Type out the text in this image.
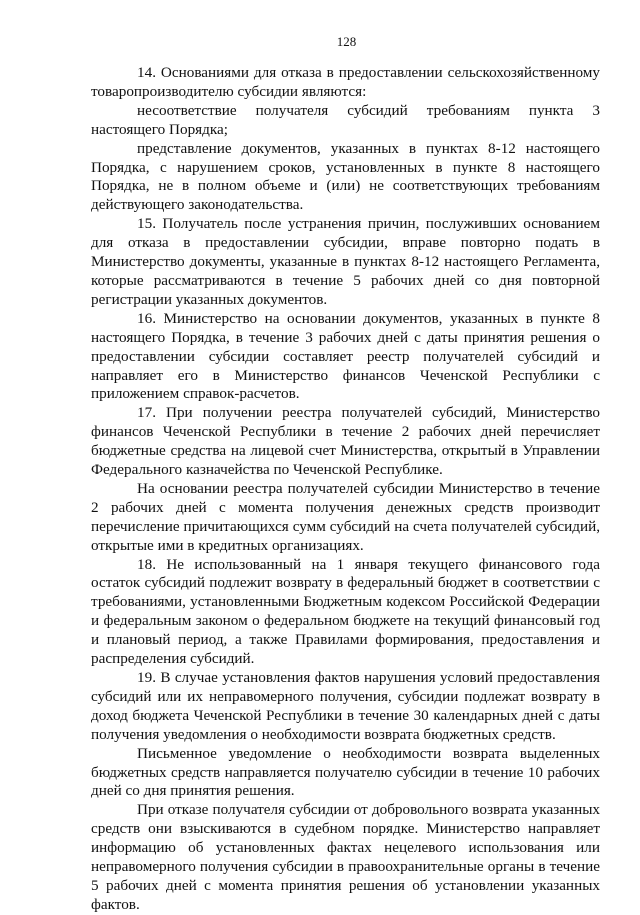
128

14. Основаниями для отказа в предоставлении сельскохозяйственному товаропроизводителю субсидии являются:

несоответствие получателя субсидий требованиям пункта 3 настоящего Порядка;

представление документов, указанных в пунктах 8-12 настоящего Порядка, с нарушением сроков, установленных в пункте 8 настоящего Порядка, не в полном объеме и (или) не соответствующих требованиям действующего законодательства.

15. Получатель после устранения причин, послуживших основанием для отказа в предоставлении субсидии, вправе повторно подать в Министерство документы, указанные в пунктах 8-12 настоящего Регламента, которые рассматриваются в течение 5 рабочих дней со дня повторной регистрации указанных документов.

16. Министерство на основании документов, указанных в пункте 8 настоящего Порядка, в течение 3 рабочих дней с даты принятия решения о предоставлении субсидии составляет реестр получателей субсидий и направляет его в Министерство финансов Чеченской Республики с приложением справок-расчетов.

17. При получении реестра получателей субсидий, Министерство финансов Чеченской Республики в течение 2 рабочих дней перечисляет бюджетные средства на лицевой счет Министерства, открытый в Управлении Федерального казначейства по Чеченской Республике.

На основании реестра получателей субсидии Министерство в течение 2 рабочих дней с момента получения денежных средств производит перечисление причитающихся сумм субсидий на счета получателей субсидий, открытые ими в кредитных организациях.

18. Не использованный на 1 января текущего финансового года остаток субсидий подлежит возврату в федеральный бюджет в соответствии с требованиями, установленными Бюджетным кодексом Российской Федерации и федеральным законом о федеральном бюджете на текущий финансовый год и плановый период, а также Правилами формирования, предоставления и распределения субсидий.

19. В случае установления фактов нарушения условий предоставления субсидий или их неправомерного получения, субсидии подлежат возврату в доход бюджета Чеченской Республики в течение 30 календарных дней с даты получения уведомления о необходимости возврата бюджетных средств.

Письменное уведомление о необходимости возврата выделенных бюджетных средств направляется получателю субсидии в течение 10 рабочих дней со дня принятия решения.

При отказе получателя субсидии от добровольного возврата указанных средств они взыскиваются в судебном порядке. Министерство направляет информацию об установленных фактах нецелевого использования или неправомерного получения субсидии в правоохранительные органы в течение 5 рабочих дней с момента принятия решения об установлении указанных фактов.
